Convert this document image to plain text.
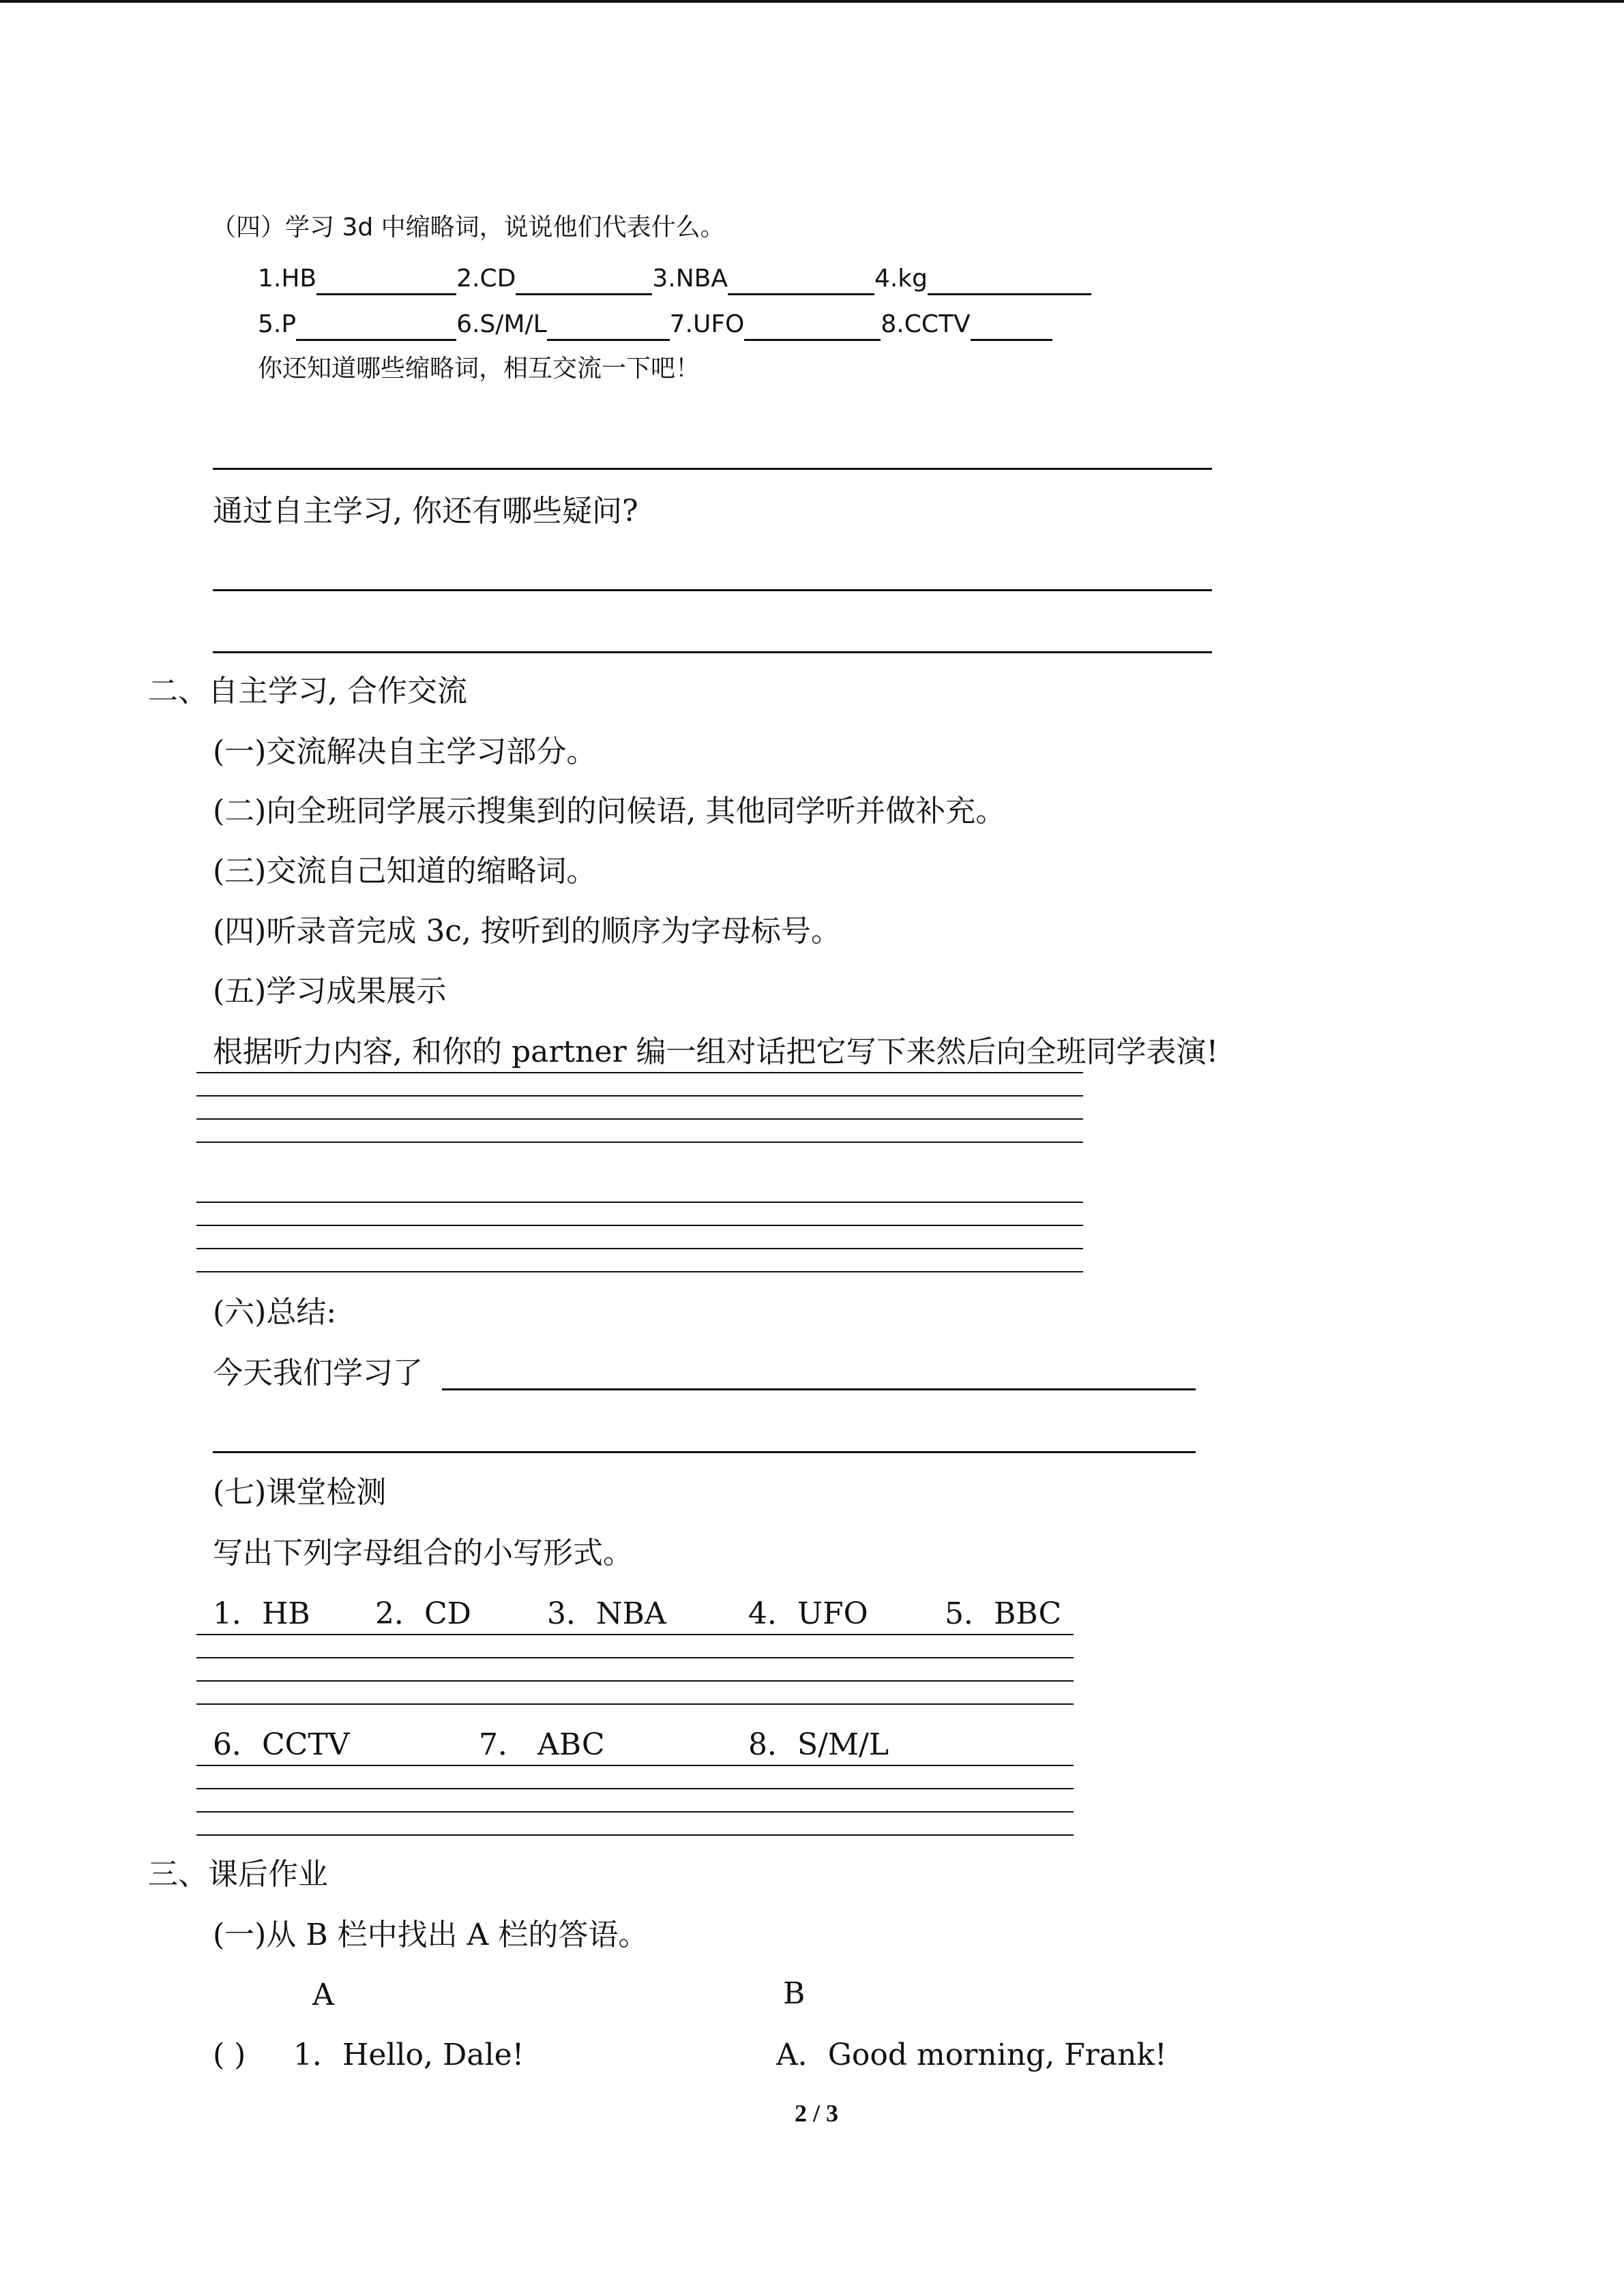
（四）学习 3d 中缩略词，说说他们代表什么。
1.HB	2.CD	3.NBA	4.kg
5.P	6.S/M/L	7.UFO	8.CCTV
你还知道哪些缩略词，相互交流一下吧！
通过自主学习, 你还有哪些疑问?
二、自主学习, 合作交流
(一)交流解决自主学习部分。
(二)向全班同学展示搜集到的问候语, 其他同学听并做补充。
(三)交流自己知道的缩略词。
(四)听录音完成 3c, 按听到的顺序为字母标号。
(五)学习成果展示
根据听力内容, 和你的 partner 编一组对话把它写下来然后向全班同学表演!
(六)总结:
今天我们学习了
(七)课堂检测
写出下列字母组合的小写形式。
1．HB 2．CD	3．NBA	4．UFO	5．BBC
6．CCTV	7． ABC	8．S/M/L
三、课后作业
(一)从 B 栏中找出 A 栏的答语。
A	B
( ) 1．Hello, Dale!	A．Good morning, Frank!
2 / 3
